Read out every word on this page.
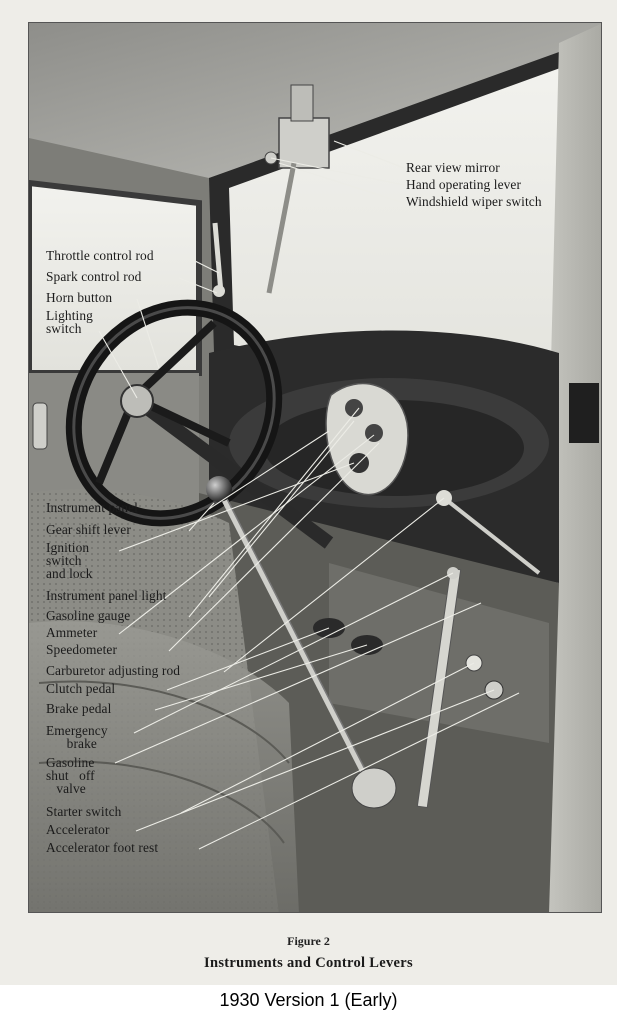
Rear view mirror
Hand operating lever
Windshield wiper switch
Throttle control rod
Spark control rod
Horn button
Lighting
switch
Instrument panel
Gear shift lever
Ignition
switch
and lock
Instrument panel light
Gasoline gauge
Ammeter
Speedometer
Carburetor adjusting rod
Clutch pedal
Brake pedal
Emergency
brake
Gasoline
shut   off
valve
Starter switch
Accelerator
Accelerator foot rest
Figure 2
Instruments and Control Levers
1930 Version 1 (Early)
